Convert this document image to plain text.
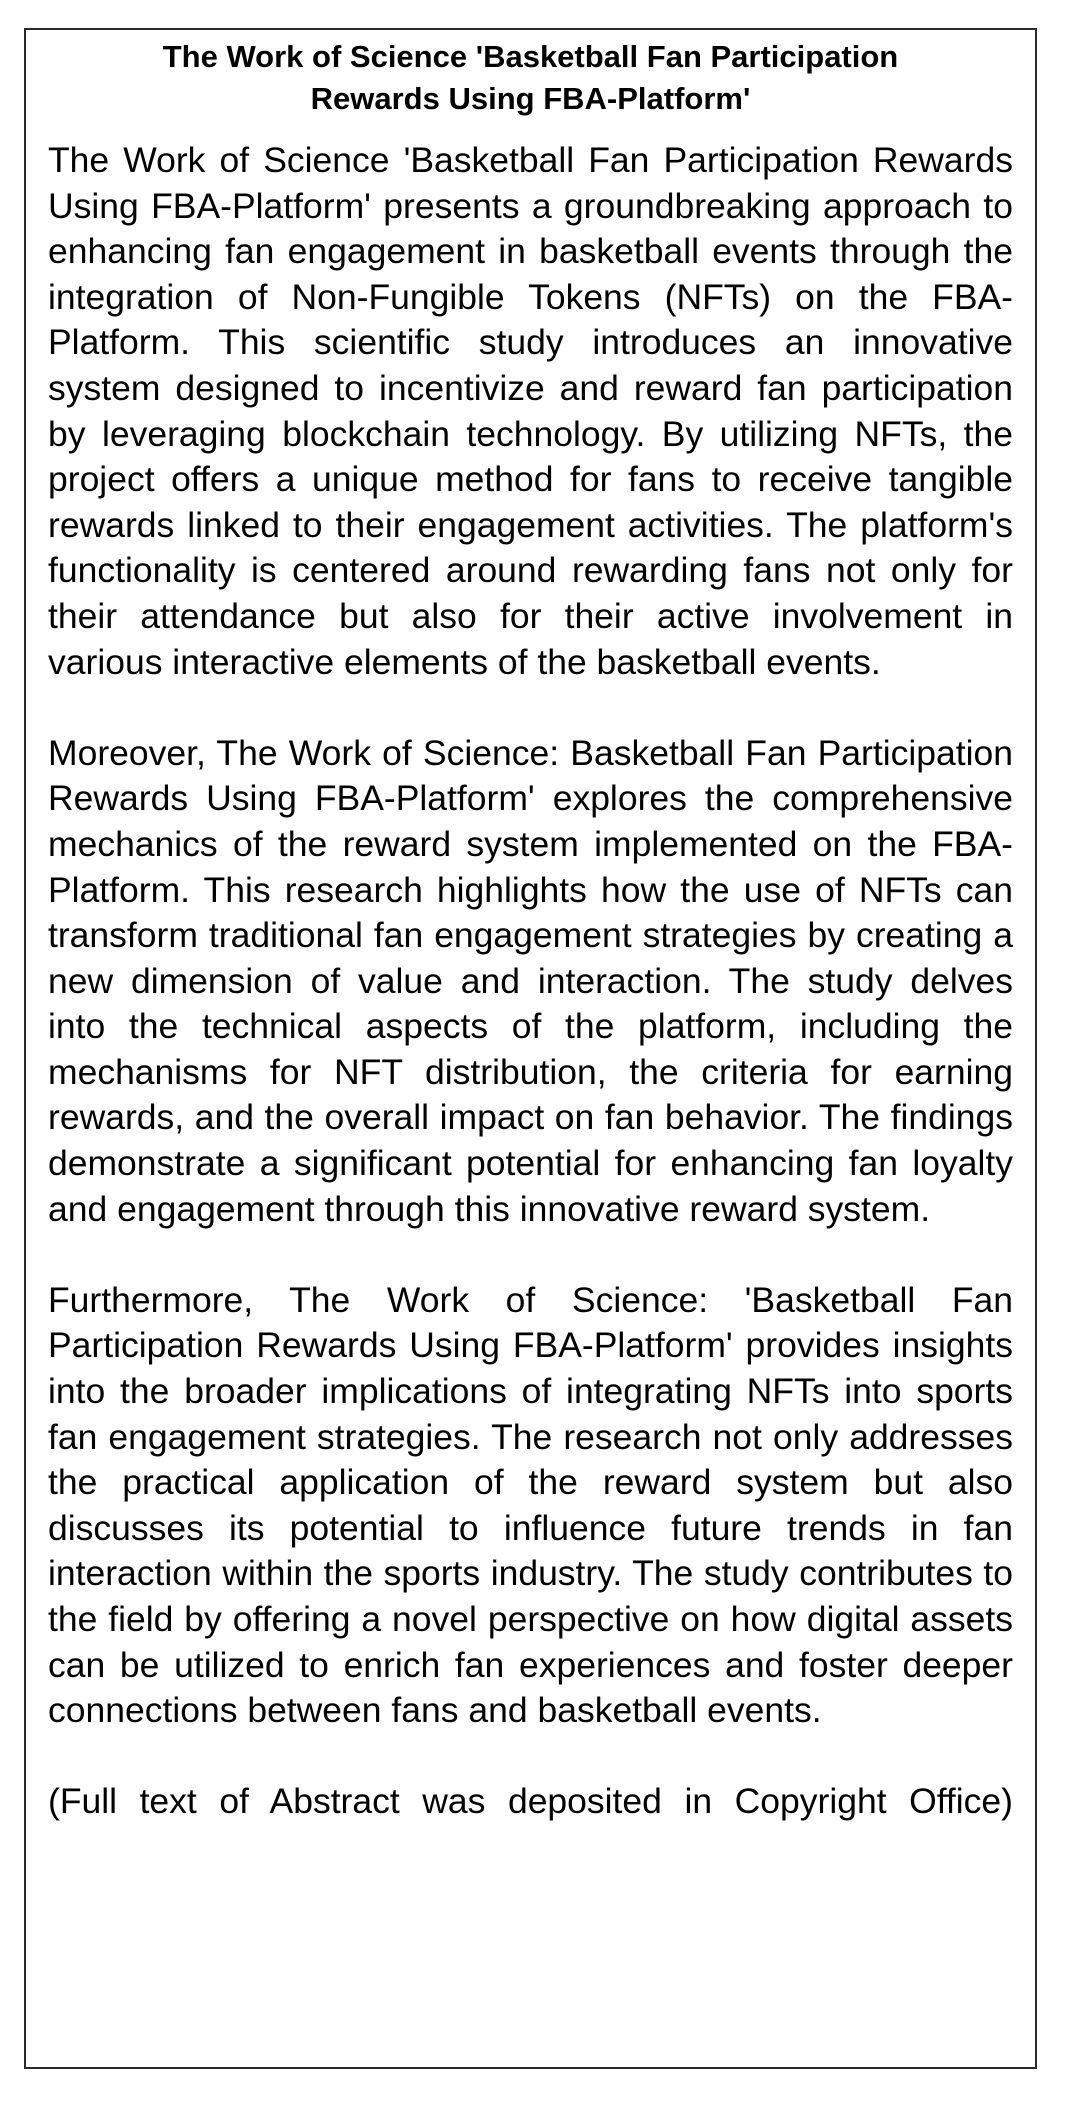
The Work of Science 'Basketball Fan Participation
Rewards Using FBA-Platform'

The Work of Science 'Basketball Fan Participation Rewards Using FBA-Platform' presents a groundbreaking approach to enhancing fan engagement in basketball events through the integration of Non-Fungible Tokens (NFTs) on the FBA-Platform. This scientific study introduces an innovative system designed to incentivize and reward fan participation by leveraging blockchain technology. By utilizing NFTs, the project offers a unique method for fans to receive tangible rewards linked to their engagement activities. The platform's functionality is centered around rewarding fans not only for their attendance but also for their active involvement in various interactive elements of the basketball events.

Moreover, The Work of Science: Basketball Fan Participation Rewards Using FBA-Platform' explores the comprehensive mechanics of the reward system implemented on the FBA-Platform. This research highlights how the use of NFTs can transform traditional fan engagement strategies by creating a new dimension of value and interaction. The study delves into the technical aspects of the platform, including the mechanisms for NFT distribution, the criteria for earning rewards, and the overall impact on fan behavior. The findings demonstrate a significant potential for enhancing fan loyalty and engagement through this innovative reward system.

Furthermore, The Work of Science: 'Basketball Fan Participation Rewards Using FBA-Platform' provides insights into the broader implications of integrating NFTs into sports fan engagement strategies. The research not only addresses the practical application of the reward system but also discusses its potential to influence future trends in fan interaction within the sports industry. The study contributes to the field by offering a novel perspective on how digital assets can be utilized to enrich fan experiences and foster deeper connections between fans and basketball events.

(Full text of Abstract was deposited in Copyright Office)
